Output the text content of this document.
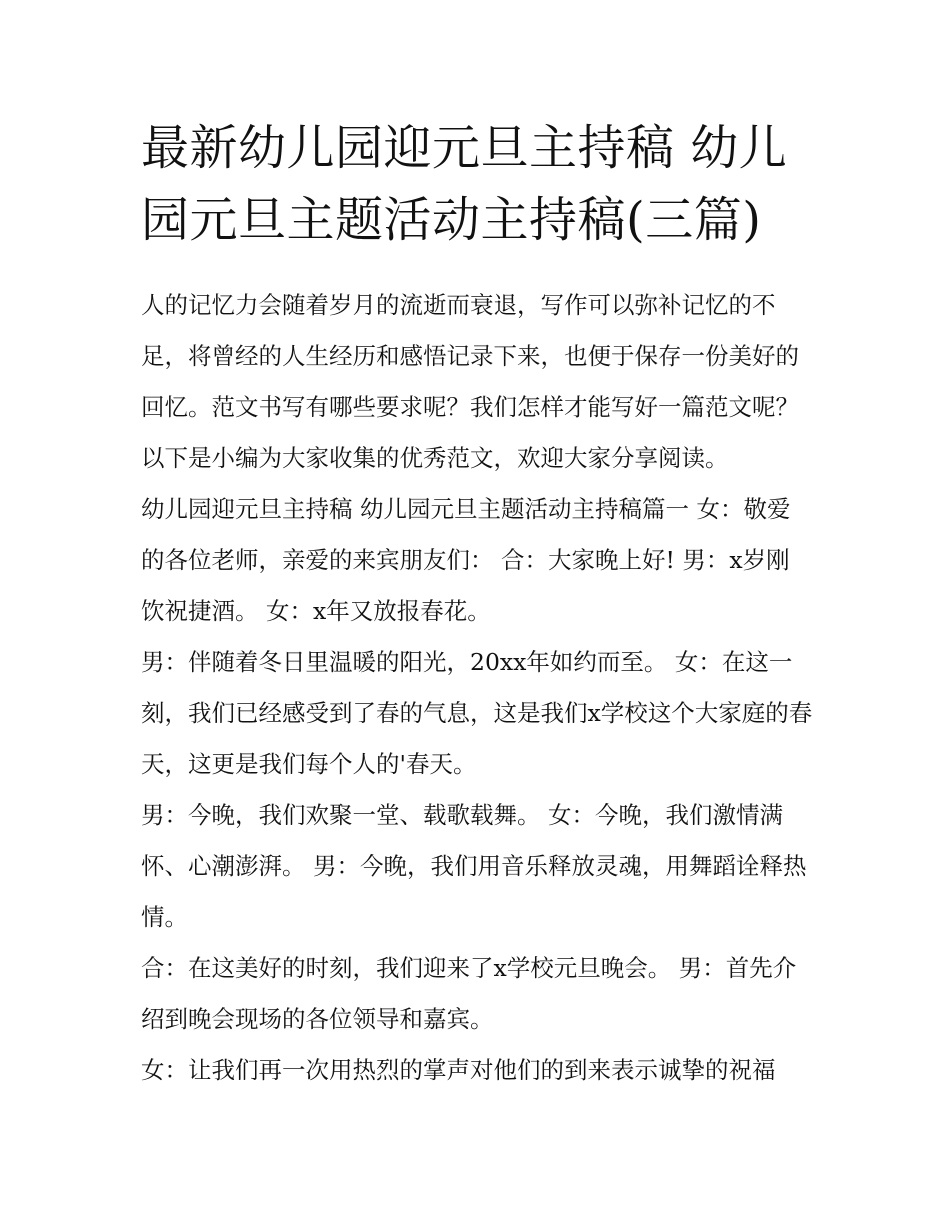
最新幼儿园迎元旦主持稿 幼儿
园元旦主题活动主持稿(三篇)

人的记忆力会随着岁月的流逝而衰退，写作可以弥补记忆的不足，将曾经的人生经历和感悟记录下来，也便于保存一份美好的回忆。范文书写有哪些要求呢？我们怎样才能写好一篇范文呢？以下是小编为大家收集的优秀范文，欢迎大家分享阅读。

幼儿园迎元旦主持稿 幼儿园元旦主题活动主持稿篇一 女：敬爱的各位老师，亲爱的来宾朋友们： 合：大家晚上好! 男：x岁刚饮祝捷酒。 女：x年又放报春花。

男：伴随着冬日里温暖的阳光，20xx年如约而至。 女：在这一刻，我们已经感受到了春的气息，这是我们x学校这个大家庭的春天，这更是我们每个人的'春天。

男：今晚，我们欢聚一堂、载歌载舞。 女：今晚，我们激情满怀、心潮澎湃。 男：今晚，我们用音乐释放灵魂，用舞蹈诠释热情。

合：在这美好的时刻，我们迎来了x学校元旦晚会。 男：首先介绍到晚会现场的各位领导和嘉宾。

女：让我们再一次用热烈的掌声对他们的到来表示诚挚的祝福
